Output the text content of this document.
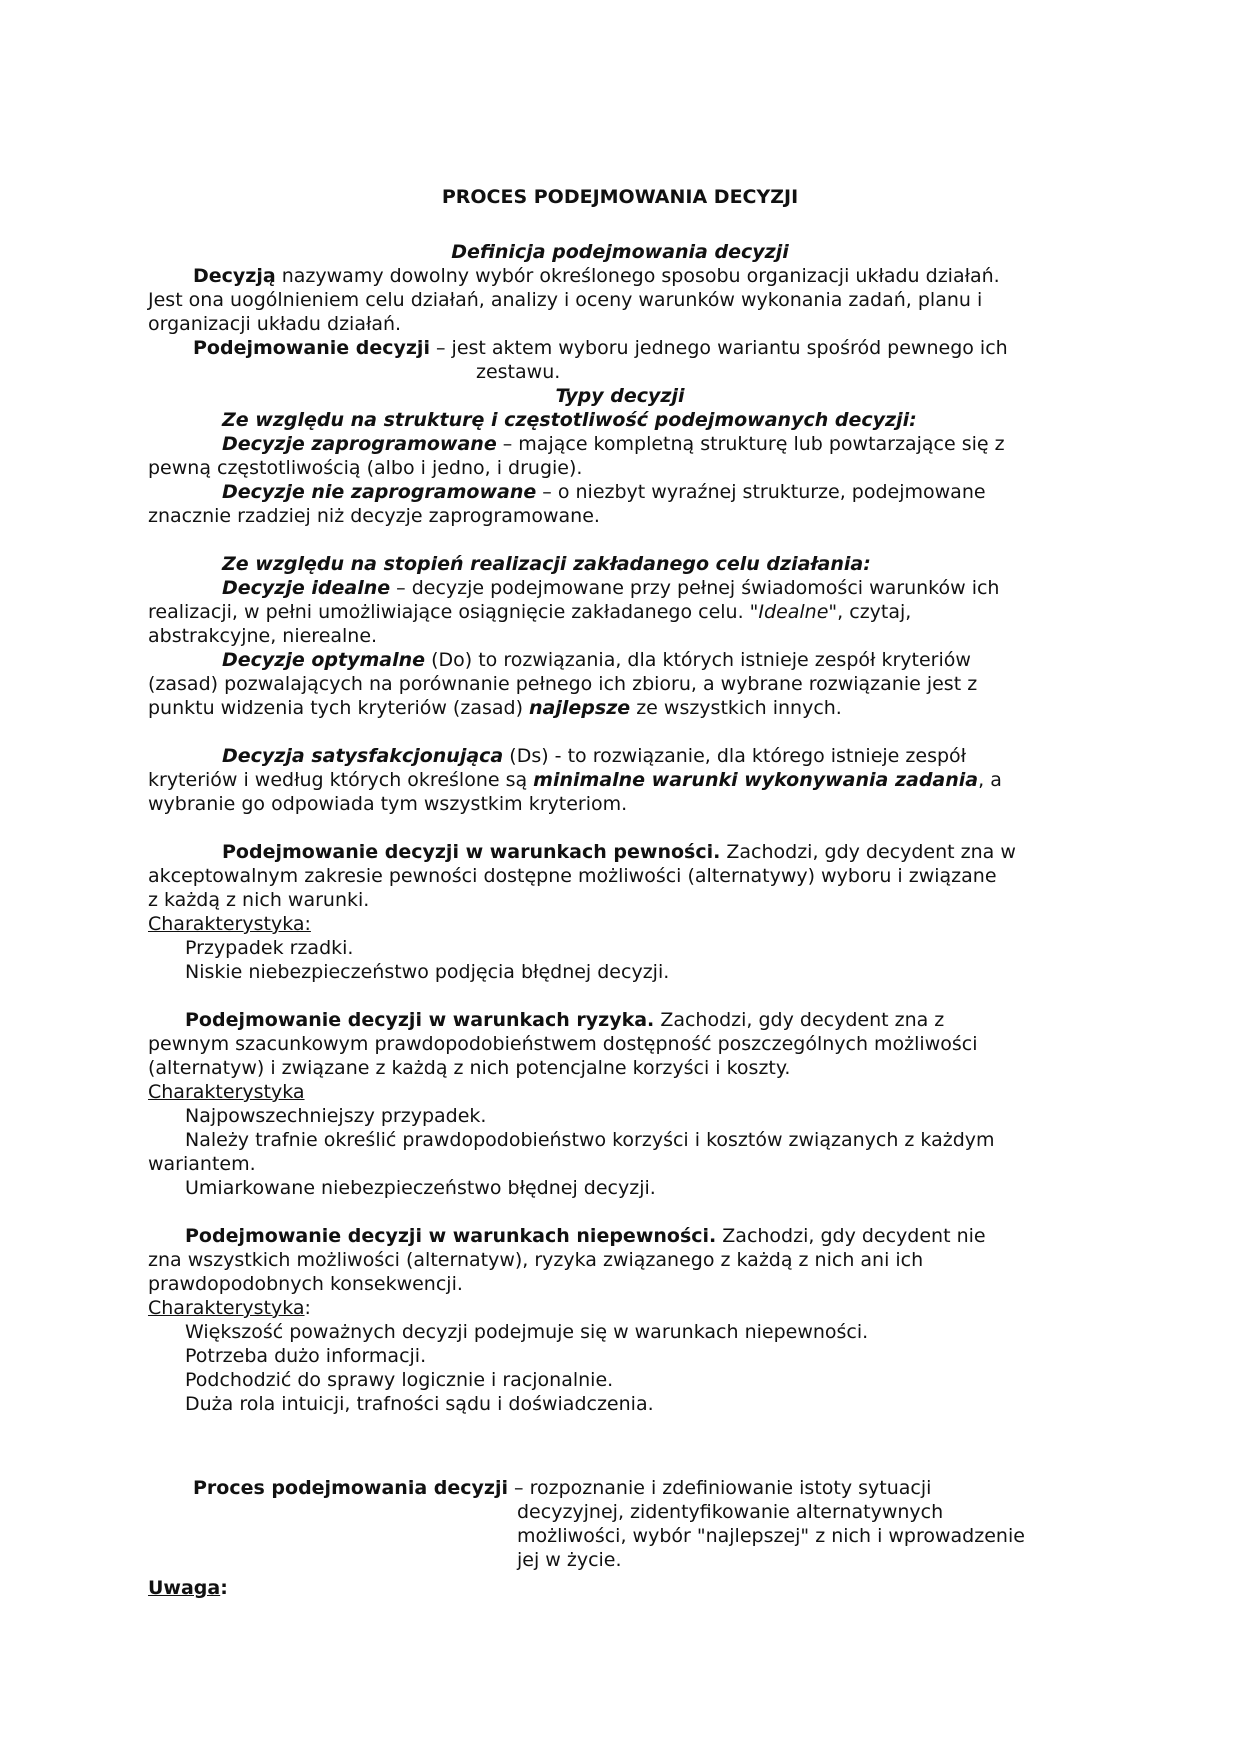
PROCES PODEJMOWANIA DECYZJI
Definicja podejmowania decyzji
Decyzją nazywamy dowolny wybór określonego sposobu organizacji układu działań.
Jest ona uogólnieniem celu działań, analizy i oceny warunków wykonania zadań, planu i
organizacji układu działań.
Podejmowanie decyzji – jest aktem wyboru jednego wariantu spośród pewnego ich
zestawu.
Typy decyzji
Ze względu na strukturę i częstotliwość podejmowanych decyzji:
Decyzje zaprogramowane – mające kompletną strukturę lub powtarzające się z
pewną częstotliwością (albo i jedno, i drugie).
Decyzje nie zaprogramowane – o niezbyt wyraźnej strukturze, podejmowane
znacznie rzadziej niż decyzje zaprogramowane.
Ze względu na stopień realizacji zakładanego celu działania:
Decyzje idealne – decyzje podejmowane przy pełnej świadomości warunków ich
realizacji, w pełni umożliwiające osiągnięcie zakładanego celu. "Idealne", czytaj,
abstrakcyjne, nierealne.
Decyzje optymalne (Do) to rozwiązania, dla których istnieje zespół kryteriów
(zasad) pozwalających na porównanie pełnego ich zbioru, a wybrane rozwiązanie jest z
punktu widzenia tych kryteriów (zasad) najlepsze ze wszystkich innych.
Decyzja satysfakcjonująca (Ds) - to rozwiązanie, dla którego istnieje zespół
kryteriów i według których określone są minimalne warunki wykonywania zadania, a
wybranie go odpowiada tym wszystkim kryteriom.
Podejmowanie decyzji w warunkach pewności. Zachodzi, gdy decydent zna w
akceptowalnym zakresie pewności dostępne możliwości (alternatywy) wyboru i związane
z każdą z nich warunki.
Charakterystyka:
Przypadek rzadki.
Niskie niebezpieczeństwo podjęcia błędnej decyzji.
Podejmowanie decyzji w warunkach ryzyka. Zachodzi, gdy decydent zna z
pewnym szacunkowym prawdopodobieństwem dostępność poszczególnych możliwości
(alternatyw) i związane z każdą z nich potencjalne korzyści i koszty.
Charakterystyka
Najpowszechniejszy przypadek.
Należy trafnie określić prawdopodobieństwo korzyści i kosztów związanych z każdym
wariantem.
Umiarkowane niebezpieczeństwo błędnej decyzji.
Podejmowanie decyzji w warunkach niepewności. Zachodzi, gdy decydent nie
zna wszystkich możliwości (alternatyw), ryzyka związanego z każdą z nich ani ich
prawdopodobnych konsekwencji.
Charakterystyka:
Większość poważnych decyzji podejmuje się w warunkach niepewności.
Potrzeba dużo informacji.
Podchodzić do sprawy logicznie i racjonalnie.
Duża rola intuicji, trafności sądu i doświadczenia.
Proces podejmowania decyzji – rozpoznanie i zdefiniowanie istoty sytuacji
decyzyjnej, zidentyfikowanie alternatywnych
możliwości, wybór "najlepszej" z nich i wprowadzenie
jej w życie.
Uwaga:
